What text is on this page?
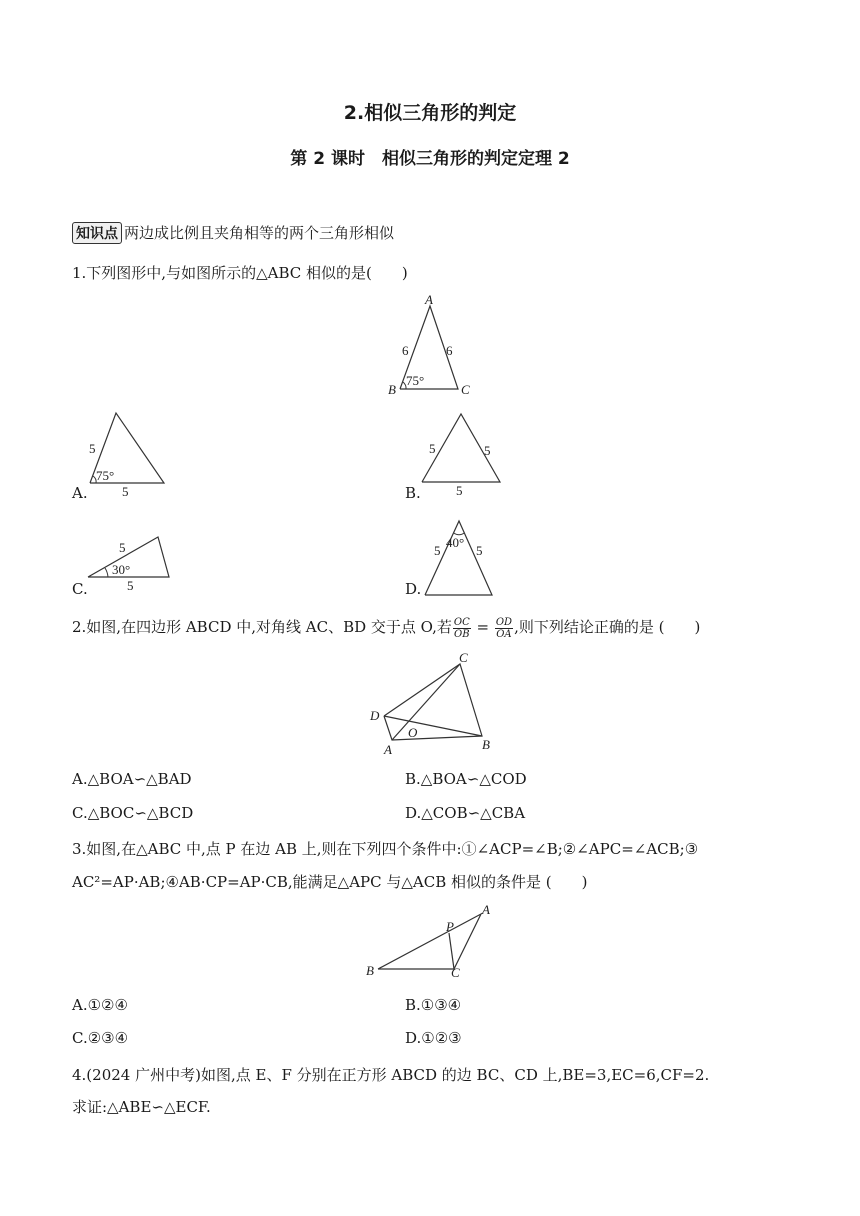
2.相似三角形的判定
第 2 课时　相似三角形的判定定理 2
知识点 两边成比例且夹角相等的两个三角形相似
1.下列图形中,与如图所示的△ABC 相似的是(　　)
A
B	C
6	6
75°
5
75°
5
A.
5	5
5
B.
5
30°
5
C.
40°
5	5
D.
2.如图,在四边形 ABCD 中,对角线 AC、BD 交于点 O,若 $\frac{OC}{OB} = \frac{OD}{OA}$ ,则下列结论正确的是 (　　)
C
D
A	B
O
A.△BOA∽△BAD	B.△BOA∽△COD
C.△BOC∽△BCD	D.△COB∽△CBA
3.如图,在△ABC 中,点 P 在边 AB 上,则在下列四个条件中:①∠ACP=∠B;②∠APC=∠ACB;③
AC²=AP·AB;④AB·CP=AP·CB,能满足△APC 与△ACB 相似的条件是 (　　)
A
B	C
P
A.①②④	B.①③④
C.②③④	D.①②③
4.(2024 广州中考)如图,点 E、F 分别在正方形 ABCD 的边 BC、CD 上,BE=3,EC=6,CF=2.
求证:△ABE∽△ECF.
